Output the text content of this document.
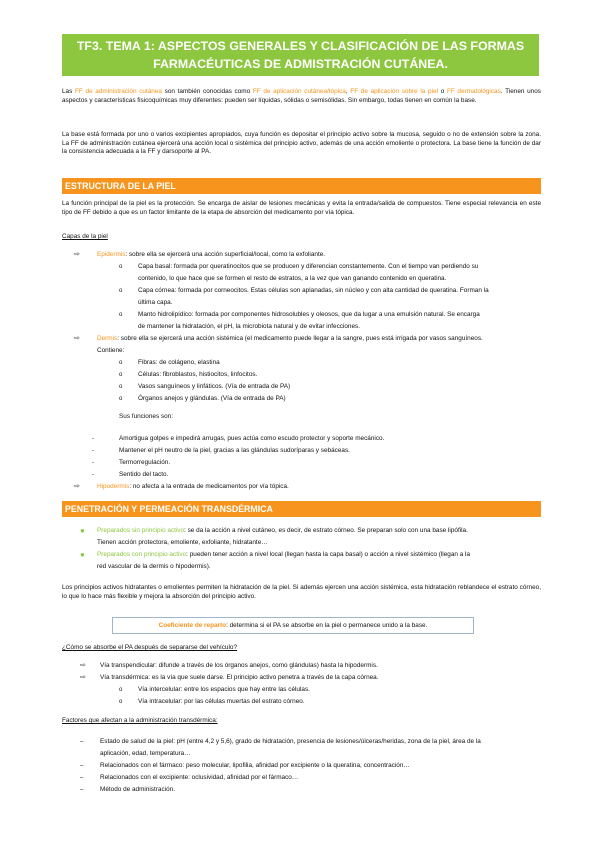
TF3. TEMA 1: ASPECTOS GENERALES Y CLASIFICACIÓN DE LAS FORMAS
FARMACÉUTICAS DE ADMISTRACIÓN CUTÁNEA.
Las FF de administración cutánea son también conocidas como FF de aplicación cutánea/tópica, FF de aplicación sobre la piel o FF dermatológicas. Tienen unos aspectos y características fisicoquímicas muy diferentes: pueden ser líquidas, sólidas o semisólidas. Sin embargo, todas tienen en común la base.
La base está formada por uno o varios excipientes apropiados, cuya función es depositar el principio activo sobre la mucosa, seguido o no de extensión sobre la zona. La FF de administración cutánea ejercerá una acción local o sistémica del principio activo, además de una acción emoliente o protectora. La base tiene la función de dar la consistencia adecuada a la FF y darsoporte al PA.
ESTRUCTURA DE LA PIEL
La función principal de la piel es la protección. Se encarga de aislar de lesiones mecánicas y evita la entrada/salida de compuestos. Tiene especial relevancia en este tipo de FF debido a que es un factor limitante de la etapa de absorción del medicamento por vía tópica.
Capas de la piel
⇨	Epidermis: sobre ella se ejercerá una acción superficial/local, como la exfoliante.
o Capa basal: formada por queratinocitos que se producen y diferencian constantemente. Con el tiempo van perdiendo su
contenido, lo que hace que se formen el resto de estratos, a la vez que van ganando contenido en queratina.
o Capa córnea: formada por corneocitos. Estas células son aplanadas, sin núcleo y con alta cantidad de queratina. Forman la
última capa.
o Manto hidrolipídico: formada por componentes hidrosolubles y oleosos, que da lugar a una emulsión natural. Se encarga
de mantener la hidratación, el pH, la microbiota natural y de evitar infecciones.
⇨	Dermis: sobre ella se ejercerá una acción sistémica (el medicamento puede llegar a la sangre, pues está irrigada por vasos sanguíneos.
Contiene:
o Fibras: de colágeno, elastina
o Células: fibroblastos, histiocitos, linfocitos.
o Vasos sanguíneos y linfáticos. (Vía de entrada de PA)
o Órganos anejos y glándulas. (Vía de entrada de PA)
Sus funciones son:
-	Amortigua golpes e impedirá arrugas, pues actúa como escudo protector y soporte mecánico.
-	Mantener el pH neutro de la piel, gracias a las glándulas sudoríparas y sebáceas.
-	Termorregulación.
-	Sentido del tacto.
⇨	Hipodermis: no afecta a la entrada de medicamentos por vía tópica.
PENETRACIÓN Y PERMEACIÓN TRANSDÉRMICA
● Preparados sin principio activo: se da la acción a nivel cutáneo, es decir, de estrato córneo. Se preparan solo con una base lipófila.
Tienen acción protectora, emoliente, exfoliante, hidratante…
● Preparados con principio activo: pueden tener acción a nivel local (llegan hasta la capa basal) o acción a nivel sistémico (llegan a la
red vascular de la dermis o hipodermis).
Los principios activos hidratantes o emolientes permiten la hidratación de la piel. Si además ejercen una acción sistémica, esta hidratación reblandece el estrato córneo, lo que lo hace más flexible y mejora la absorción del principio activo.
Coeficiente de reparto: determina si el PA se absorbe en la piel o permanece unido a la base.
¿Cómo se absorbe el PA después de separarse del vehículo?
⇨	Vía transpendicular: difunde a través de los órganos anejos, como glándulas) hasta la hipodermis.
⇨	Vía transdérmica: es la vía que suele darse. El principio activo penetra a través de la capa córnea.
o Vía intercelular: entre los espacios que hay entre las células.
o Vía intracelular: por las células muertas del estrato córneo.
Factores que afectan a la administración transdérmica:
–	Estado de salud de la piel: pH (entre 4,2 y 5,6), grado de hidratación, presencia de lesiones/úlceras/heridas, zona de la piel, área de la
aplicación, edad, temperatura…
–	Relacionados con el fármaco: peso molecular, lipofilia, afinidad por excipiente o la queratina, concentración…
–	Relacionados con el excipiente: oclusividad, afinidad por el fármaco…
–	Método de administración.
